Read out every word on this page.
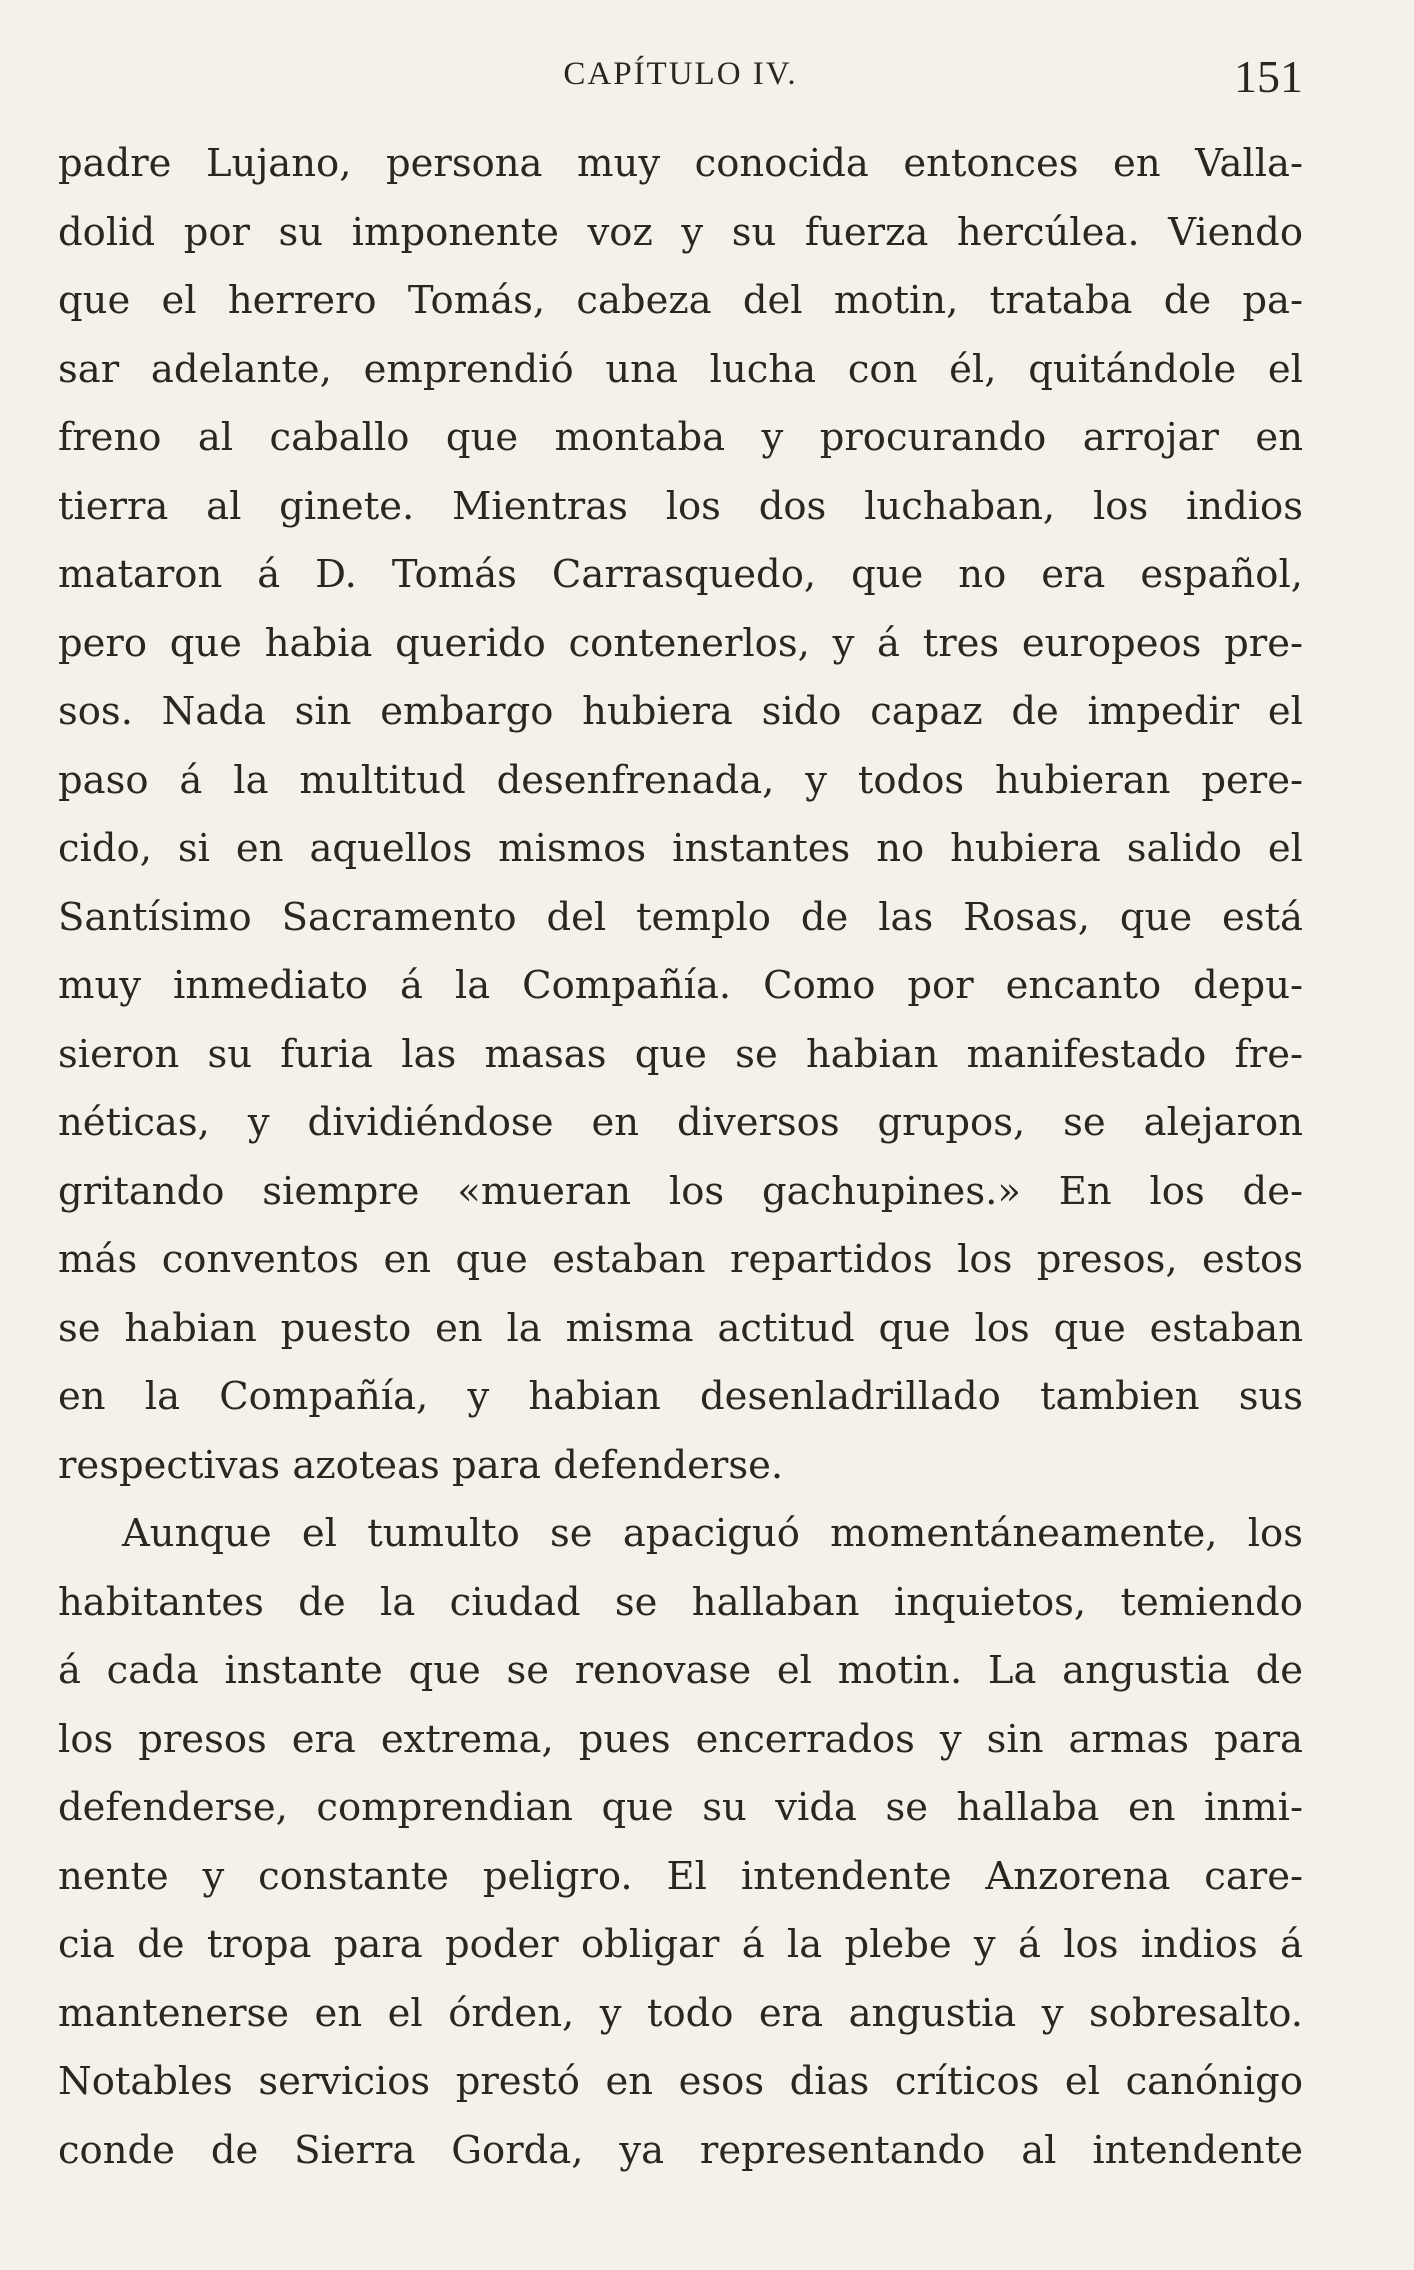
CAPÍTULO IV.	151
padre Lujano, persona muy conocida entonces en Valla-
dolid por su imponente voz y su fuerza hercúlea. Viendo
que el herrero Tomás, cabeza del motin, trataba de pa-
sar adelante, emprendió una lucha con él, quitándole el
freno al caballo que montaba y procurando arrojar en
tierra al ginete. Mientras los dos luchaban, los indios
mataron á D. Tomás Carrasquedo, que no era español,
pero que habia querido contenerlos, y á tres europeos pre-
sos. Nada sin embargo hubiera sido capaz de impedir el
paso á la multitud desenfrenada, y todos hubieran pere-
cido, si en aquellos mismos instantes no hubiera salido el
Santísimo Sacramento del templo de las Rosas, que está
muy inmediato á la Compañía. Como por encanto depu-
sieron su furia las masas que se habian manifestado fre-
néticas, y dividiéndose en diversos grupos, se alejaron
gritando siempre «mueran los gachupines.» En los de-
más conventos en que estaban repartidos los presos, estos
se habian puesto en la misma actitud que los que estaban
en la Compañía, y habian desenladrillado tambien sus
respectivas azoteas para defenderse.
Aunque el tumulto se apaciguó momentáneamente, los
habitantes de la ciudad se hallaban inquietos, temiendo
á cada instante que se renovase el motin. La angustia de
los presos era extrema, pues encerrados y sin armas para
defenderse, comprendian que su vida se hallaba en inmi-
nente y constante peligro. El intendente Anzorena care-
cia de tropa para poder obligar á la plebe y á los indios á
mantenerse en el órden, y todo era angustia y sobresalto.
Notables servicios prestó en esos dias críticos el canónigo
conde de Sierra Gorda, ya representando al intendente
